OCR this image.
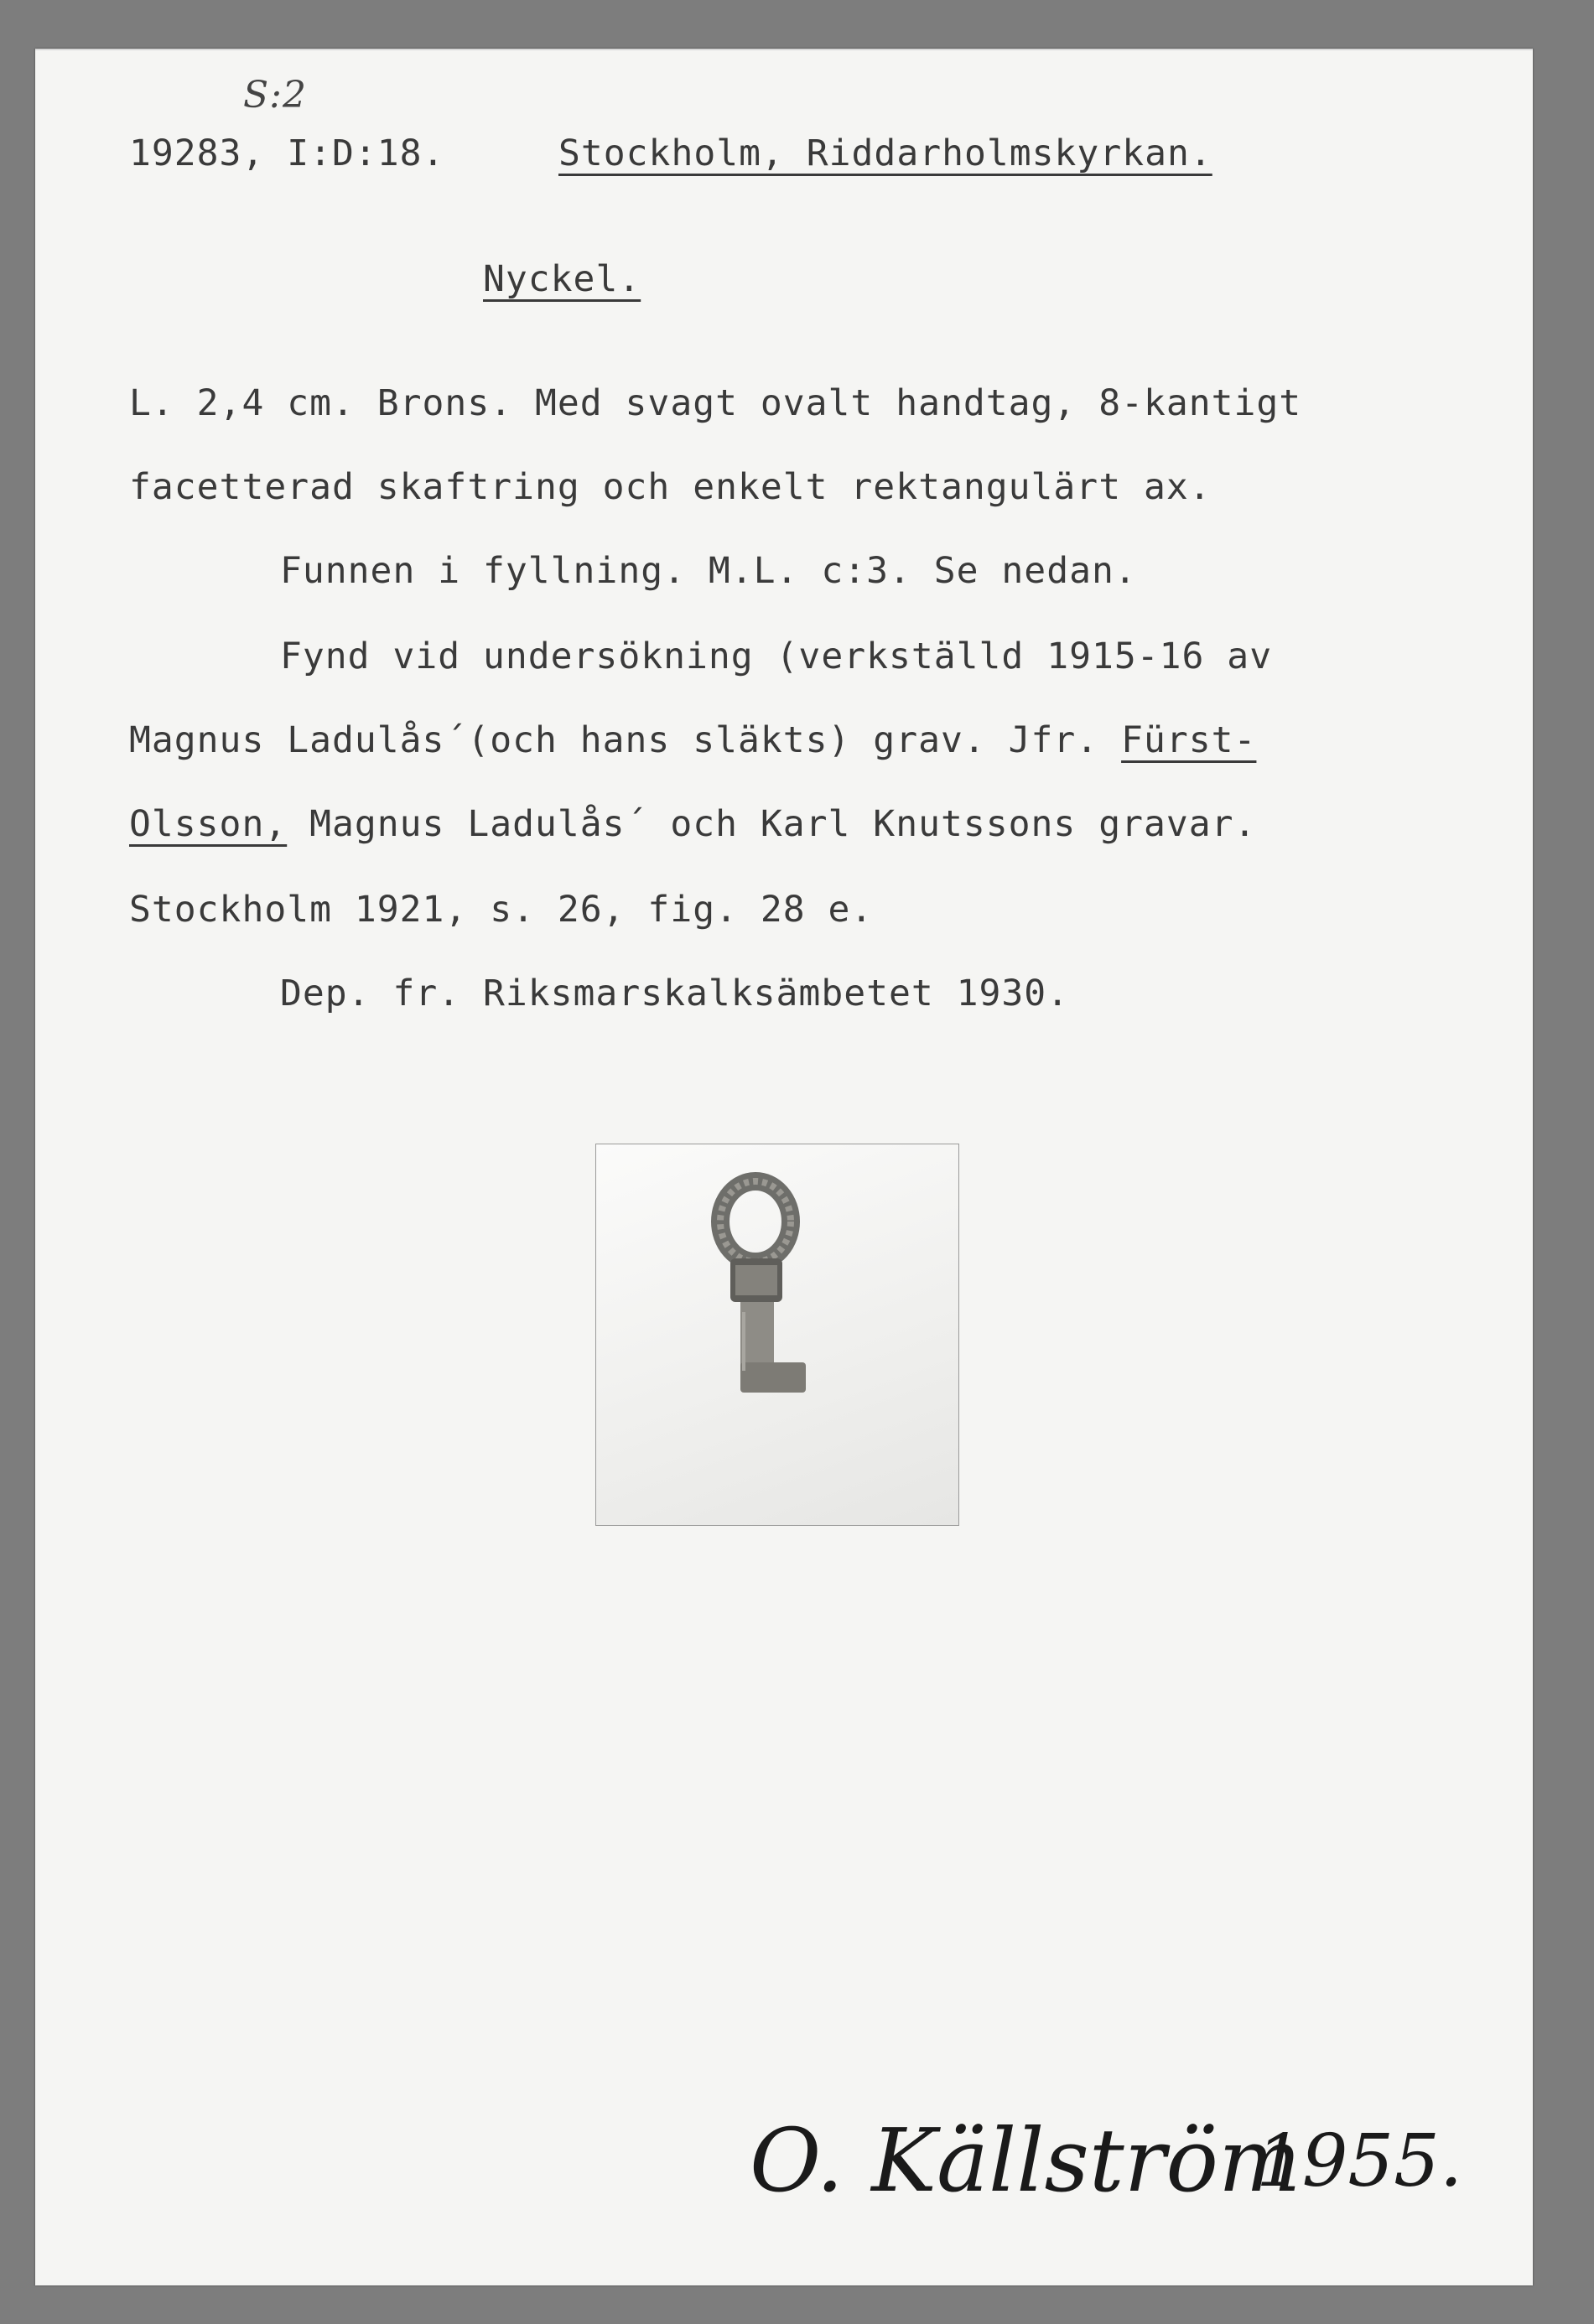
S:2
19283, I:D:18.	Stockholm, Riddarholmskyrkan.
Nyckel.
L. 2,4 cm. Brons. Med svagt ovalt handtag, 8-kantigt
facetterad skaftring och enkelt rektangulärt ax.
Funnen i fyllning. M.L. c:3. Se nedan.
Fynd vid undersökning (verkställd 1915-16 av
Magnus Ladulås´(och hans släkts) grav. Jfr. Fürst-
Olsson, Magnus Ladulås´ och Karl Knutssons gravar.
Stockholm 1921, s. 26, fig. 28 e.
Dep. fr. Riksmarskalksämbetet 1930.
O. Källström
1955.
